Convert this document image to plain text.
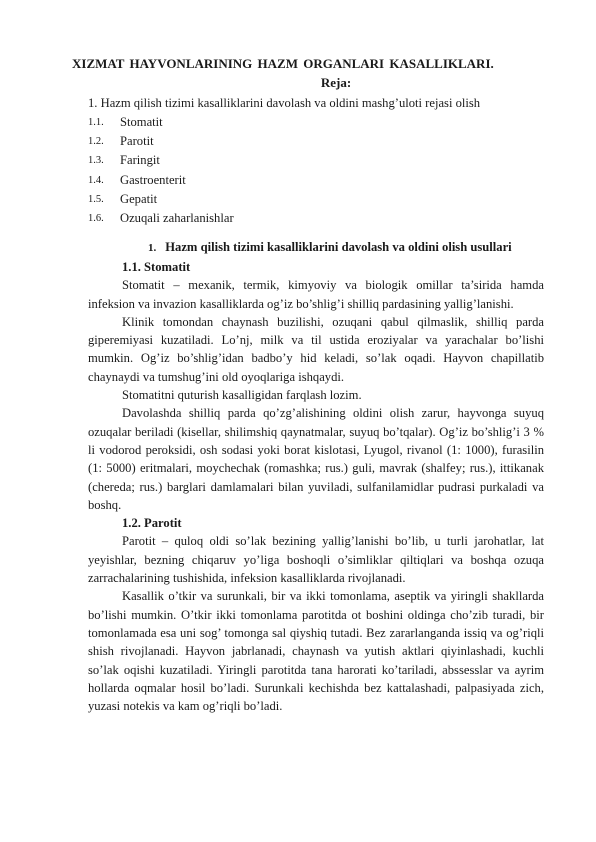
XIZMAT HAYVONLARINING HAZM ORGANLARI KASALLIKLARI.
Reja:
1. Hazm qilish tizimi kasalliklarini davolash va oldini mashg’uloti rejasi olish
1.1. Stomatit
1.2. Parotit
1.3. Faringit
1.4. Gastroenterit
1.5. Gepatit
1.6. Ozuqali zaharlanishlar
1. Hazm qilish tizimi kasalliklarini davolash va oldini olish usullari
1.1. Stomatit

Stomatit – mexanik, termik, kimyoviy va biologik omillar ta’sirida hamda infeksion va invazion kasalliklarda og’iz bo’shlig’i shilliq pardasining yallig’lanishi.

Klinik tomondan chaynash buzilishi, ozuqani qabul qilmaslik, shilliq parda giperemiyasi kuzatiladi. Lo’nj, milk va til ustida eroziyalar va yarachalar bo’lishi mumkin. Og’iz bo’shlig’idan badbo’y hid keladi, so’lak oqadi. Hayvon chapillatib chaynaydi va tumshug’ini old oyoqlariga ishqaydi.

Stomatitni quturish kasalligidan farqlash lozim.

Davolashda shilliq parda qo’zg’alishining oldini olish zarur, hayvonga suyuq ozuqalar beriladi (kisellar, shilimshiq qaynatmalar, suyuq bo’tqalar). Og’iz bo’shlig’i 3 % li vodorod peroksidi, osh sodasi yoki borat kislotasi, Lyugol, rivanol (1: 1000), furasilin (1: 5000) eritmalari, moychechak (romashka; rus.) guli, mavrak (shalfey; rus.), ittikanak (chereda; rus.) barglari damlamalari bilan yuviladi, sulfanilamidlar pudrasi purkaladi va boshq.

1.2. Parotit

Parotit – quloq oldi so’lak bezining yallig’lanishi bo’lib, u turli jarohatlar, lat yeyishlar, bezning chiqaruv yo’liga boshoqli o’simliklar qiltiqlari va boshqa ozuqa zarrachalarining tushishida, infeksion kasalliklarda rivojlanadi.

Kasallik o’tkir va surunkali, bir va ikki tomonlama, aseptik va yiringli shakllarda bo’lishi mumkin. O’tkir ikki tomonlama parotitda ot boshini oldinga cho’zib turadi, bir tomonlamada esa uni sog’ tomonga sal qiyshiq tutadi. Bez zararlanganda issiq va og’riqli shish rivojlanadi. Hayvon jabrlanadi, chaynash va yutish aktlari qiyinlashadi, kuchli so’lak oqishi kuzatiladi. Yiringli parotitda tana harorati ko’tariladi, abssesslar va ayrim hollarda oqmalar hosil bo’ladi. Surunkali kechishda bez kattalashadi, palpasiyada zich, yuzasi notekis va kam og’riqli bo’ladi.
